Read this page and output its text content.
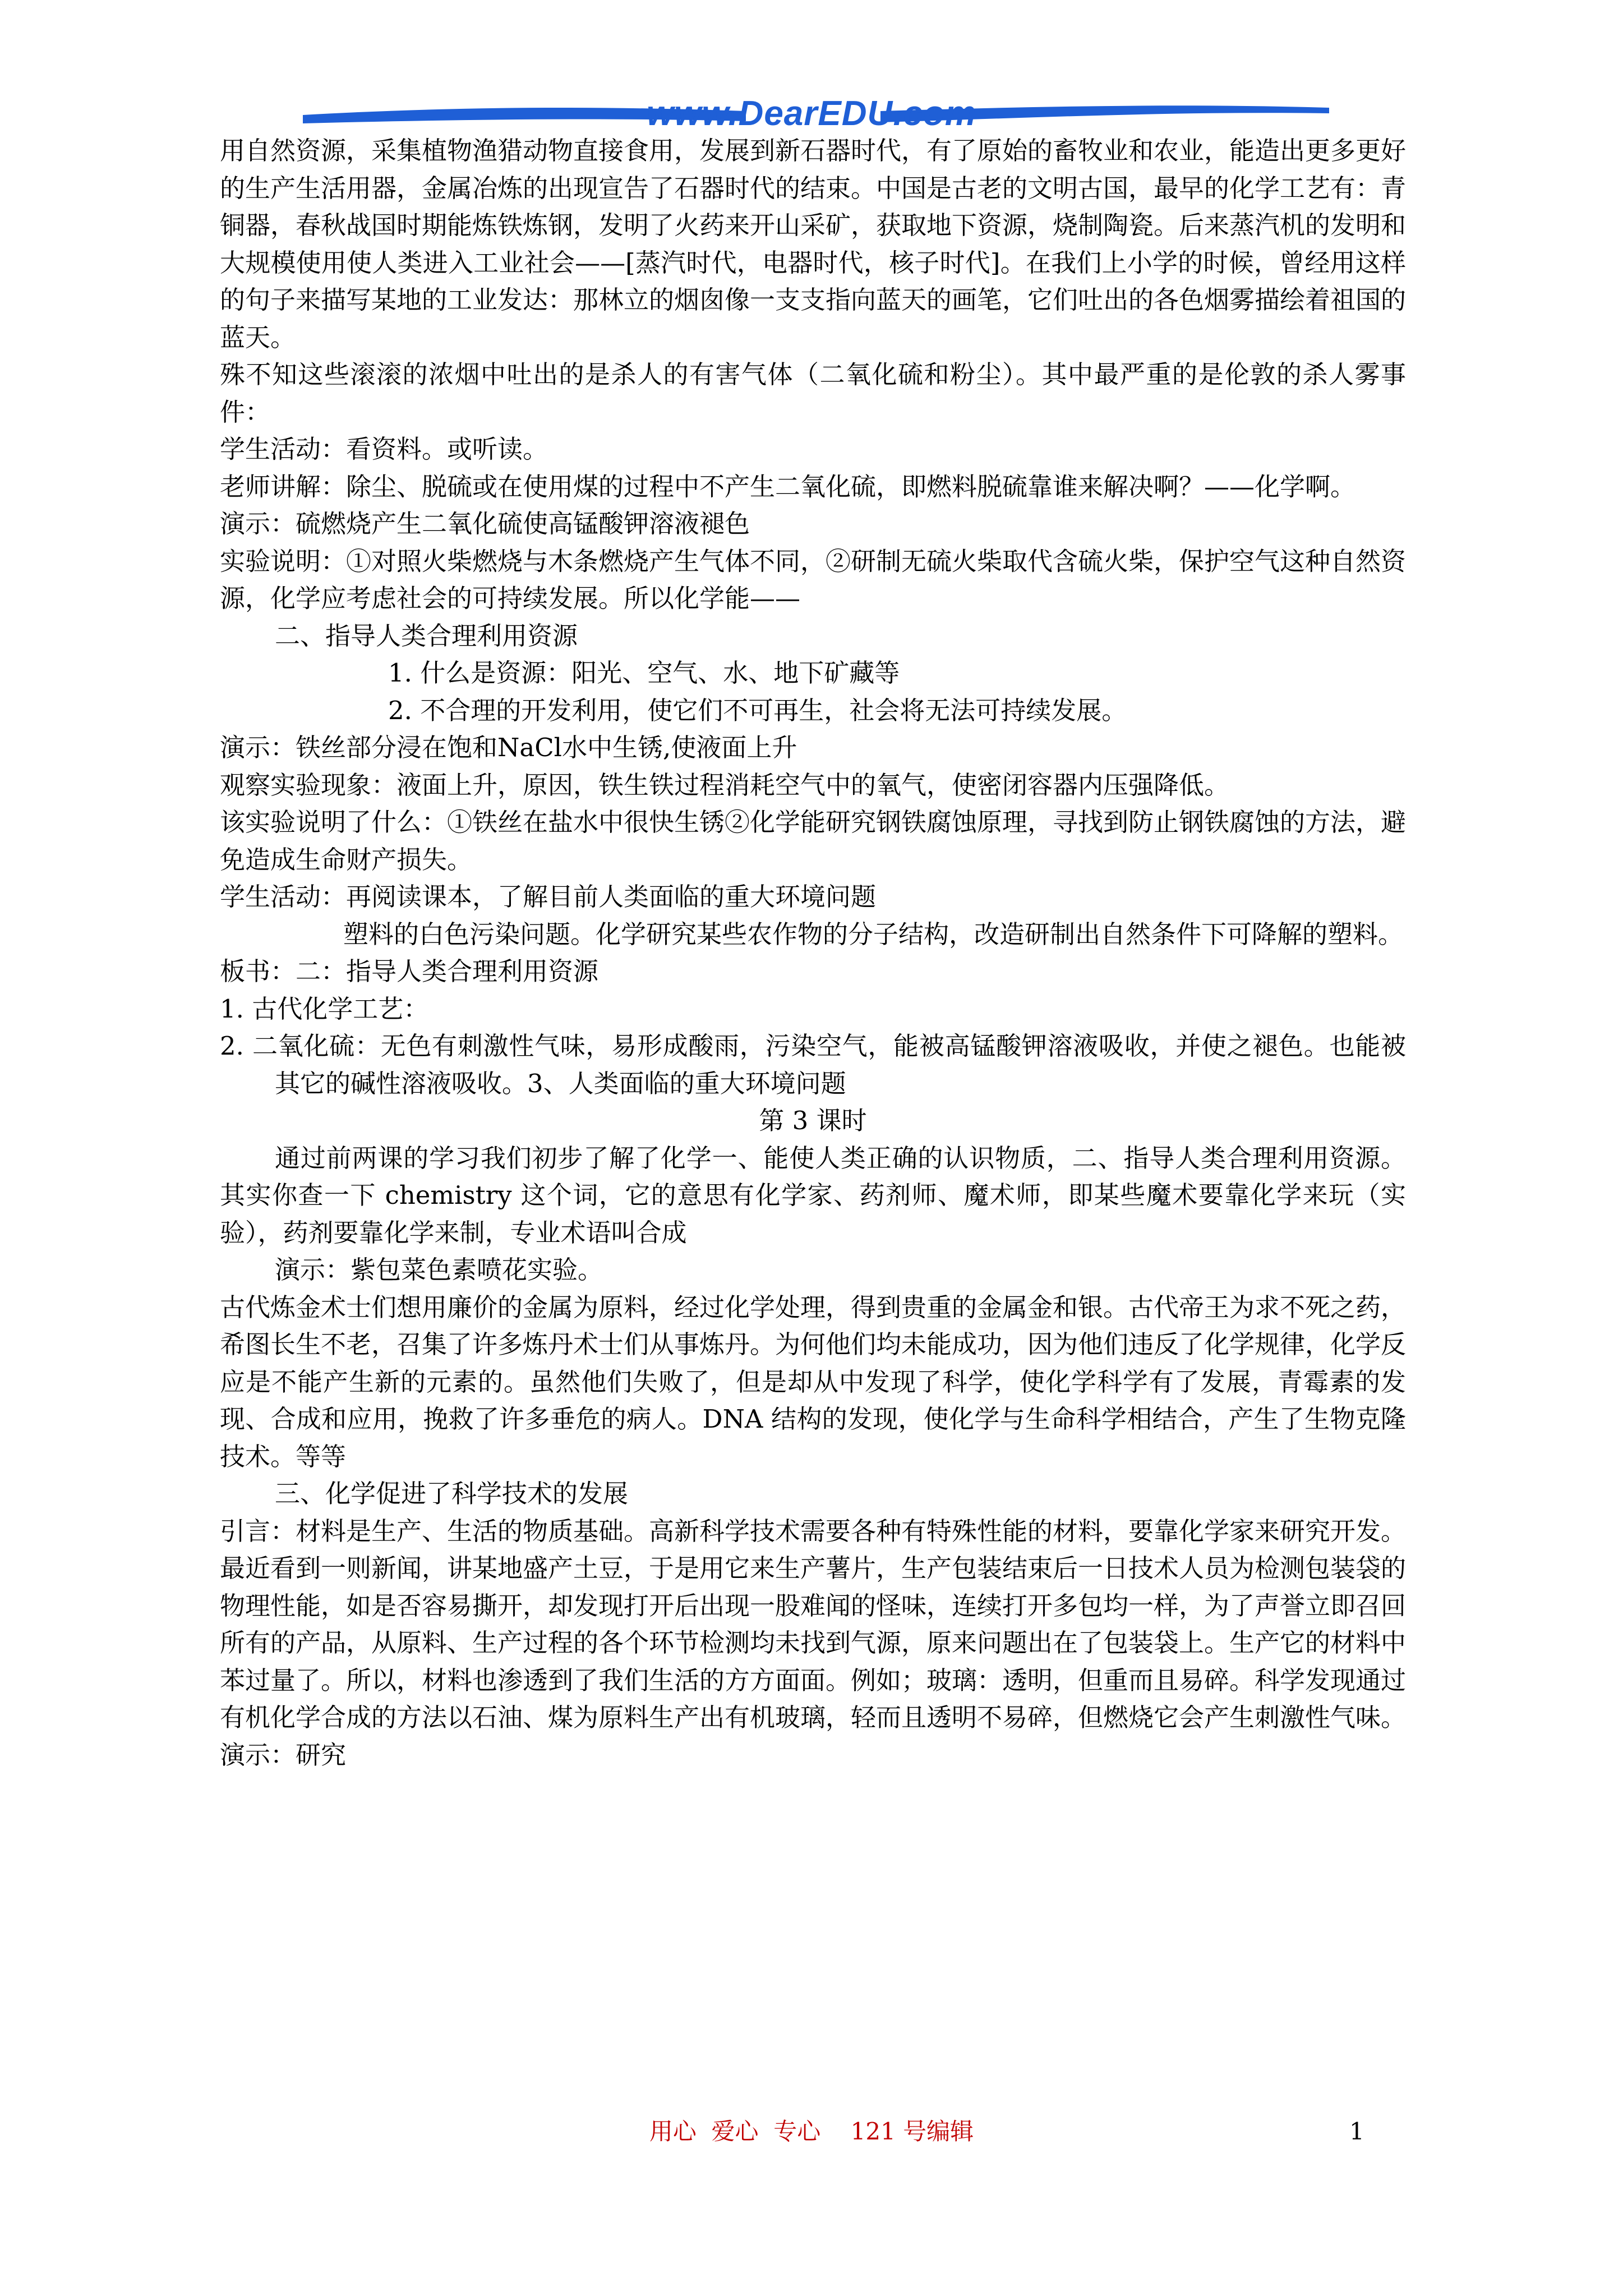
www.DearEDU.com

用自然资源，采集植物渔猎动物直接食用，发展到新石器时代，有了原始的畜牧业和农业，能造出更多更好的生产生活用器，金属冶炼的出现宣告了石器时代的结束。中国是古老的文明古国，最早的化学工艺有：青铜器，春秋战国时期能炼铁炼钢，发明了火药来开山采矿，获取地下资源，烧制陶瓷。后来蒸汽机的发明和大规模使用使人类进入工业社会——[蒸汽时代，电器时代，核子时代]。在我们上小学的时候，曾经用这样的句子来描写某地的工业发达：那林立的烟囱像一支支指向蓝天的画笔，它们吐出的各色烟雾描绘着祖国的蓝天。

殊不知这些滚滚的浓烟中吐出的是杀人的有害气体（二氧化硫和粉尘）。其中最严重的是伦敦的杀人雾事件：

学生活动：看资料。或听读。

老师讲解：除尘、脱硫或在使用煤的过程中不产生二氧化硫，即燃料脱硫靠谁来解决啊？——化学啊。

演示：硫燃烧产生二氧化硫使高锰酸钾溶液褪色

实验说明：①对照火柴燃烧与木条燃烧产生气体不同，②研制无硫火柴取代含硫火柴，保护空气这种自然资源，化学应考虑社会的可持续发展。所以化学能——

二、指导人类合理利用资源

1. 什么是资源：阳光、空气、水、地下矿藏等

2. 不合理的开发利用，使它们不可再生，社会将无法可持续发展。

演示：铁丝部分浸在饱和NaCl水中生锈,使液面上升

观察实验现象：液面上升，原因，铁生铁过程消耗空气中的氧气，使密闭容器内压强降低。

该实验说明了什么：①铁丝在盐水中很快生锈②化学能研究钢铁腐蚀原理，寻找到防止钢铁腐蚀的方法，避免造成生命财产损失。

学生活动：再阅读课本，了解目前人类面临的重大环境问题

塑料的白色污染问题。化学研究某些农作物的分子结构，改造研制出自然条件下可降解的塑料。

板书：二：指导人类合理利用资源

1. 古代化学工艺：

2. 二氧化硫：无色有刺激性气味，易形成酸雨，污染空气，能被高锰酸钾溶液吸收，并使之褪色。也能被其它的碱性溶液吸收。3、人类面临的重大环境问题

第 3 课时

通过前两课的学习我们初步了解了化学一、能使人类正确的认识物质，二、指导人类合理利用资源。其实你查一下 chemistry 这个词，它的意思有化学家、药剂师、魔术师，即某些魔术要靠化学来玩（实验），药剂要靠化学来制，专业术语叫合成

演示：紫包菜色素喷花实验。

古代炼金术士们想用廉价的金属为原料，经过化学处理，得到贵重的金属金和银。古代帝王为求不死之药，希图长生不老，召集了许多炼丹术士们从事炼丹。为何他们均未能成功，因为他们违反了化学规律，化学反应是不能产生新的元素的。虽然他们失败了，但是却从中发现了科学，使化学科学有了发展，青霉素的发现、合成和应用，挽救了许多垂危的病人。DNA 结构的发现，使化学与生命科学相结合，产生了生物克隆技术。等等

三、化学促进了科学技术的发展

引言：材料是生产、生活的物质基础。高新科学技术需要各种有特殊性能的材料，要靠化学家来研究开发。最近看到一则新闻，讲某地盛产土豆，于是用它来生产薯片，生产包装结束后一日技术人员为检测包装袋的物理性能，如是否容易撕开，却发现打开后出现一股难闻的怪味，连续打开多包均一样，为了声誉立即召回所有的产品，从原料、生产过程的各个环节检测均未找到气源，原来问题出在了包装袋上。生产它的材料中苯过量了。所以，材料也渗透到了我们生活的方方面面。例如；玻璃：透明，但重而且易碎。科学发现通过有机化学合成的方法以石油、煤为原料生产出有机玻璃，轻而且透明不易碎，但燃烧它会产生刺激性气味。演示：研究

用心  爱心  专心    121 号编辑	1
